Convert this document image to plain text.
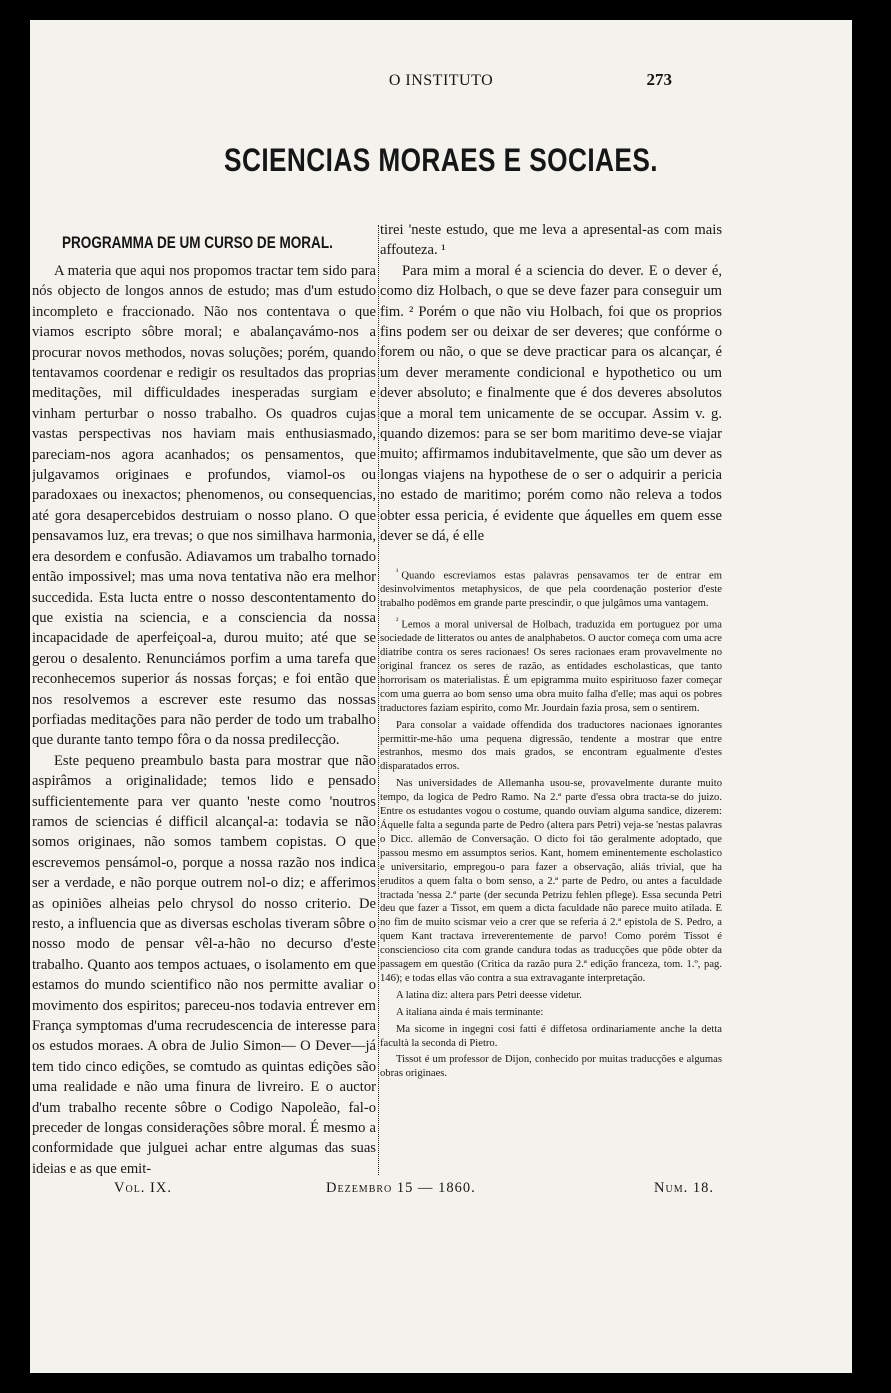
O INSTITUTO	273
SCIENCIAS MORAES E SOCIAES.
PROGRAMMA DE UM CURSO DE MORAL.

A materia que aqui nos propomos tractar tem sido para nós objecto de longos annos de estudo; mas d'um estudo incompleto e fraccionado. Não nos contentava o que viamos escripto sôbre moral; e abalançavámo-nos a procurar novos methodos, novas soluções; porém, quando tentavamos coordenar e redigir os resultados das proprias meditações, mil difficuldades inesperadas surgiam e vinham perturbar o nosso trabalho. Os quadros cujas vastas perspectivas nos haviam mais enthusiasmado, pareciam-nos agora acanhados; os pensamentos, que julgavamos originaes e profundos, viamol-os ou paradoxaes ou inexactos; phenomenos, ou consequencias, até gora desapercebidos destruiam o nosso plano. O que pensavamos luz, era trevas; o que nos similhava harmonia, era desordem e confusão. Adiavamos um trabalho tornado então impossivel; mas uma nova tentativa não era melhor succedida. Esta lucta entre o nosso descontentamento do que existia na sciencia, e a consciencia da nossa incapacidade de aperfeiçoal-a, durou muito; até que se gerou o desalento. Renunciámos porfim a uma tarefa que reconhecemos superior ás nossas forças; e foi então que nos resolvemos a escrever este resumo das nossas porfiadas meditações para não perder de todo um trabalho que durante tanto tempo fôra o da nossa predilecção.

Este pequeno preambulo basta para mostrar que não aspirâmos a originalidade; temos lido e pensado sufficientemente para ver quanto 'neste como 'noutros ramos de sciencias é difficil alcançal-a: todavia se não somos originaes, não somos tambem copistas. O que escrevemos pensámol-o, porque a nossa razão nos indica ser a verdade, e não porque outrem nol-o diz; e afferimos as opiniões alheias pelo chrysol do nosso criterio. De resto, a influencia que as diversas escholas tiveram sôbre o nosso modo de pensar vêl-a-hão no decurso d'este trabalho. Quanto aos tempos actuaes, o isolamento em que estamos do mundo scientifico não nos permitte avaliar o movimento dos espiritos; pareceu-nos todavia entrever em França symptomas d'uma recrudescencia de interesse para os estudos moraes. A obra de Julio Simon— O Dever—já tem tido cinco edições, se comtudo as quintas edições são uma realidade e não uma finura de livreiro. E o auctor d'um trabalho recente sôbre o Codigo Napoleão, fal-o preceder de longas considerações sôbre moral. É mesmo a conformidade que julguei achar entre algumas das suas ideias e as que emit-

tirei 'neste estudo, que me leva a apresental-as com mais affouteza. ¹

Para mim a moral é a sciencia do dever. E o dever é, como diz Holbach, o que se deve fazer para conseguir um fim. ² Porém o que não viu Holbach, foi que os proprios fins podem ser ou deixar de ser deveres; que confórme o forem ou não, o que se deve practicar para os alcançar, é um dever meramente condicional e hypothetico ou um dever absoluto; e finalmente que é dos deveres absolutos que a moral tem unicamente de se occupar. Assim v. g. quando dizemos: para se ser bom maritimo deve-se viajar muito; affirmamos indubitavelmente, que são um dever as longas viajens na hypothese de o ser o adquirir a pericia no estado de maritimo; porém como não releva a todos obter essa pericia, é evidente que áquelles em quem esse dever se dá, é elle

$^{^1}$ Quando escreviamos estas palavras pensavamos ter de entrar em desinvolvimentos metaphysicos, de que pela coordenação posterior d'este trabalho podêmos em grande parte prescindir, o que julgâmos uma vantagem.

$^{^2}$ Lemos a moral universal de Holbach, traduzida em portuguez por uma sociedade de litteratos ou antes de analphabetos. O auctor começa com uma acre diatribe contra os seres racionaes! Os seres racionaes eram provavelmente no original francez os seres de razão, as entidades escholasticas, que tanto horrorisam os materialistas. É um epigramma muito espirituoso fazer começar com uma guerra ao bom senso uma obra muito falha d'elle; mas aqui os pobres traductores faziam espirito, como Mr. Jourdain fazia prosa, sem o sentirem.

Para consolar a vaidade offendida dos traductores nacionaes ignorantes permittir-me-hão uma pequena digressão, tendente a mostrar que entre estranhos, mesmo dos mais grados, se encontram egualmente d'estes disparatados erros.

Nas universidades de Allemanha usou-se, provavelmente durante muito tempo, da logica de Pedro Ramo. Na 2.ª parte d'essa obra tracta-se do juizo. Entre os estudantes vogou o costume, quando ouviam alguma sandice, dizerem: Áquelle falta a segunda parte de Pedro (altera pars Petri) veja-se 'nestas palavras o Dicc. allemão de Conversação. O dicto foi tão geralmente adoptado, que passou mesmo em assumptos serios. Kant, homem eminentemente escholastico e universitario, empregou-o para fazer a observação, aliás trivial, que ha eruditos a quem falta o bom senso, a 2.ª parte de Pedro, ou antes a faculdade tractada 'nessa 2.ª parte (der secunda Petrizu fehlen pflege). Essa secunda Petri deu que fazer a Tissot, em quem a dicta faculdade não parece muito atilada. E no fim de muito scismar veio a crer que se referia á 2.ª epistola de S. Pedro, a quem Kant tractava irreverentemente de parvo! Como porém Tissot é consciencioso cita com grande candura todas as traducções que pôde obter da passagem em questão (Critica da razão pura 2.ª edição franceza, tom. 1.º, pag. 146); e todas ellas vão contra a sua extravagante interpretação.

A latina diz: altera pars Petri deesse videtur.

A italiana ainda é mais terminante:

Ma sicome in ingegni cosi fatti é diffetosa ordinariamente anche la detta facultà la seconda di Pietro.

Tissot é um professor de Dijon, conhecido por muitas traducções e algumas obras originaes.

Vol. IX.	Dezembro 15 — 1860.	Num. 18.
